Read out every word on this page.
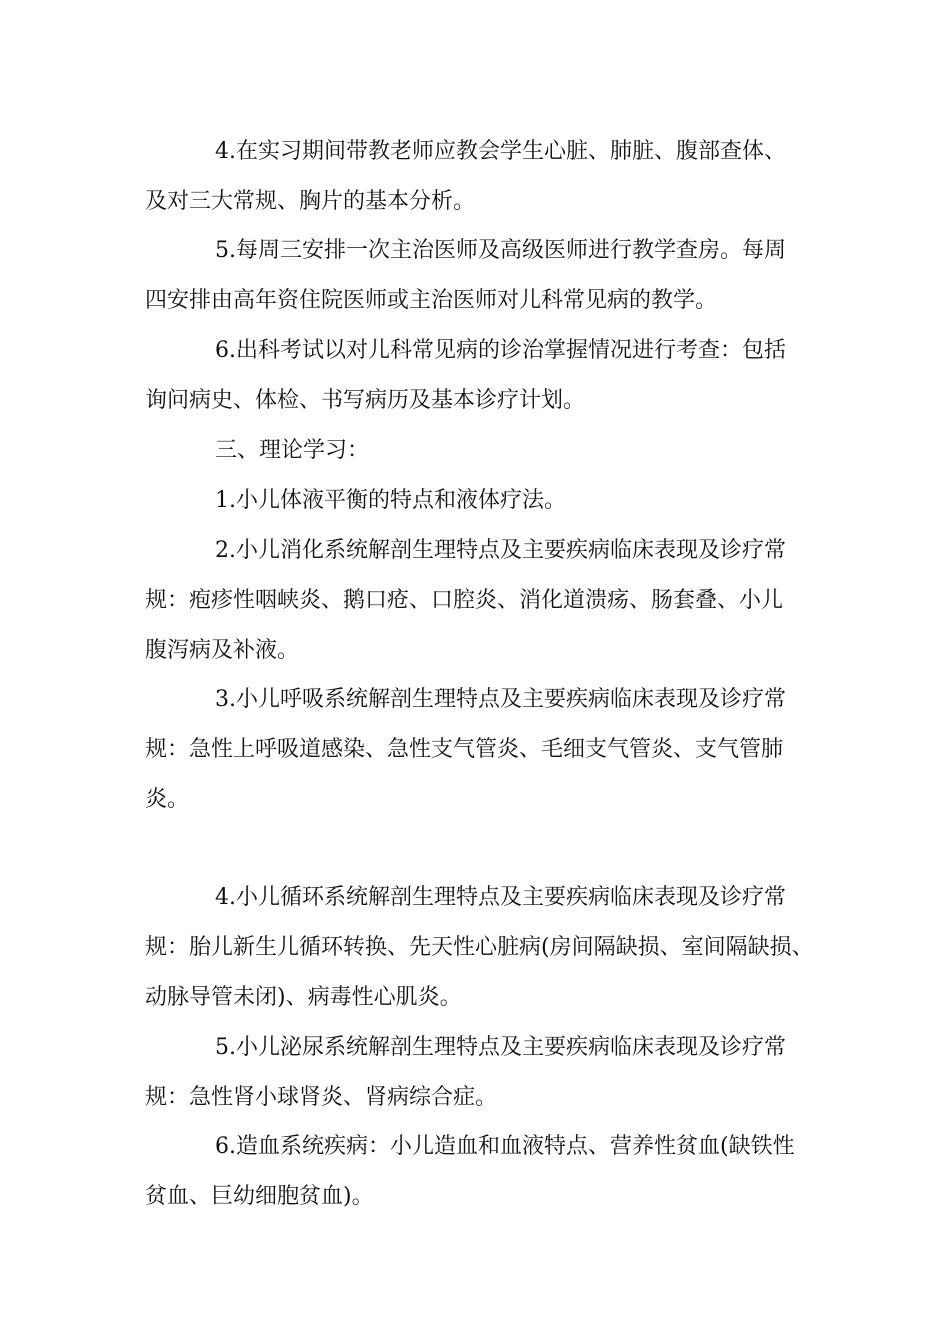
4.在实习期间带教老师应教会学生心脏、肺脏、腹部查体、
及对三大常规、胸片的基本分析。
5.每周三安排一次主治医师及高级医师进行教学查房。每周
四安排由高年资住院医师或主治医师对儿科常见病的教学。
6.出科考试以对儿科常见病的诊治掌握情况进行考查：包括
询问病史、体检、书写病历及基本诊疗计划。
三、理论学习：
1.小儿体液平衡的特点和液体疗法。
2.小儿消化系统解剖生理特点及主要疾病临床表现及诊疗常
规：疱疹性咽峡炎、鹅口疮、口腔炎、消化道溃疡、肠套叠、小儿
腹泻病及补液。
3.小儿呼吸系统解剖生理特点及主要疾病临床表现及诊疗常
规：急性上呼吸道感染、急性支气管炎、毛细支气管炎、支气管肺
炎。
4.小儿循环系统解剖生理特点及主要疾病临床表现及诊疗常
规：胎儿新生儿循环转换、先天性心脏病(房间隔缺损、室间隔缺损、
动脉导管未闭)、病毒性心肌炎。
5.小儿泌尿系统解剖生理特点及主要疾病临床表现及诊疗常
规：急性肾小球肾炎、肾病综合症。
6.造血系统疾病：小儿造血和血液特点、营养性贫血(缺铁性
贫血、巨幼细胞贫血)。
